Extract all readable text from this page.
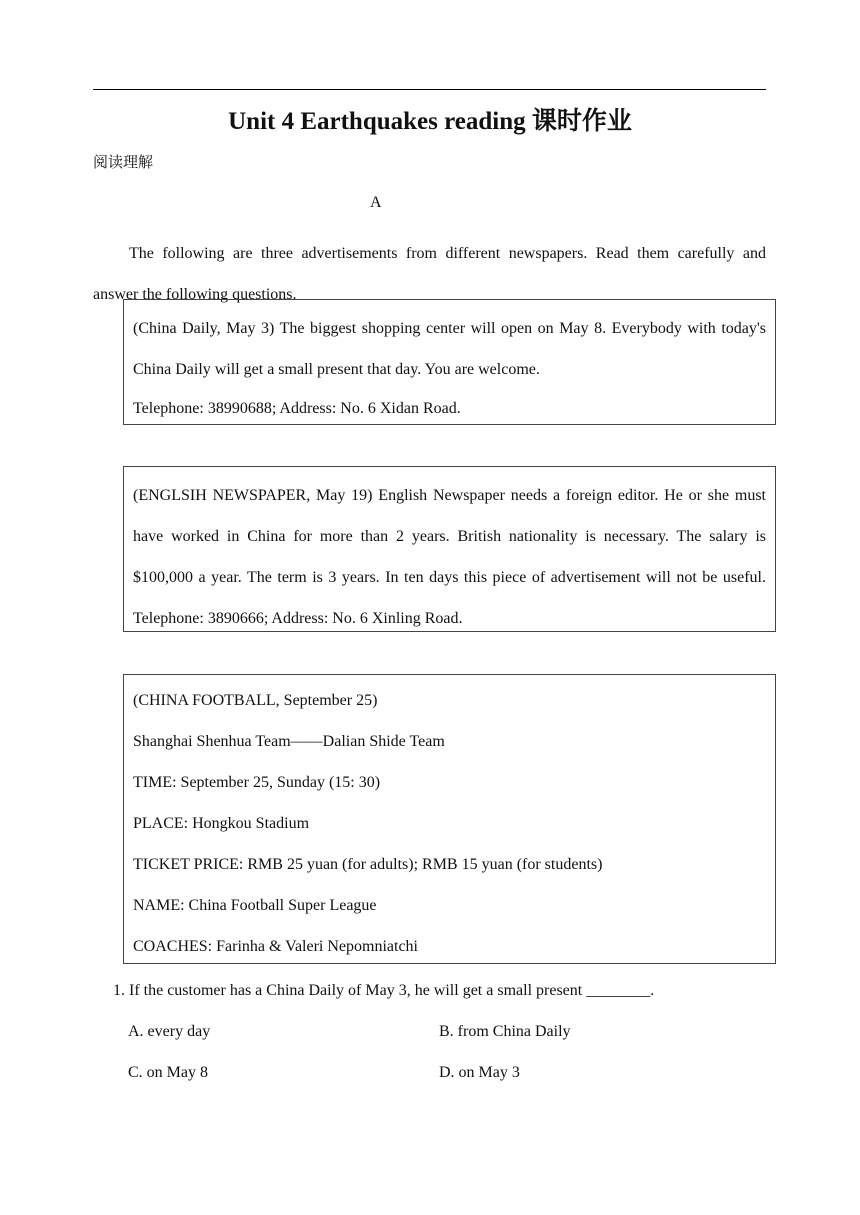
Unit 4 Earthquakes reading 课时作业
阅读理解
A
The following are three advertisements from different newspapers. Read them carefully and answer the following questions.
(China Daily, May 3) The biggest shopping center will open on May 8. Everybody with today's China Daily will get a small present that day. You are welcome.
Telephone: 38990688; Address: No. 6 Xidan Road.
(ENGLSIH NEWSPAPER, May 19) English Newspaper needs a foreign editor. He or she must have worked in China for more than 2 years. British nationality is necessary. The salary is $100,000 a year. The term is 3 years. In ten days this piece of advertisement will not be useful. Telephone: 3890666; Address: No. 6 Xinling Road.
(CHINA FOOTBALL, September 25)
Shanghai Shenhua Team——Dalian Shide Team
TIME: September 25, Sunday (15: 30)
PLACE: Hongkou Stadium
TICKET PRICE: RMB 25 yuan (for adults); RMB 15 yuan (for students)
NAME: China Football Super League
COACHES: Farinha & Valeri Nepomniatchi
1. If the customer has a China Daily of May 3, he will get a small present ________.
A. every day	B. from China Daily
C. on May 8	D. on May 3
